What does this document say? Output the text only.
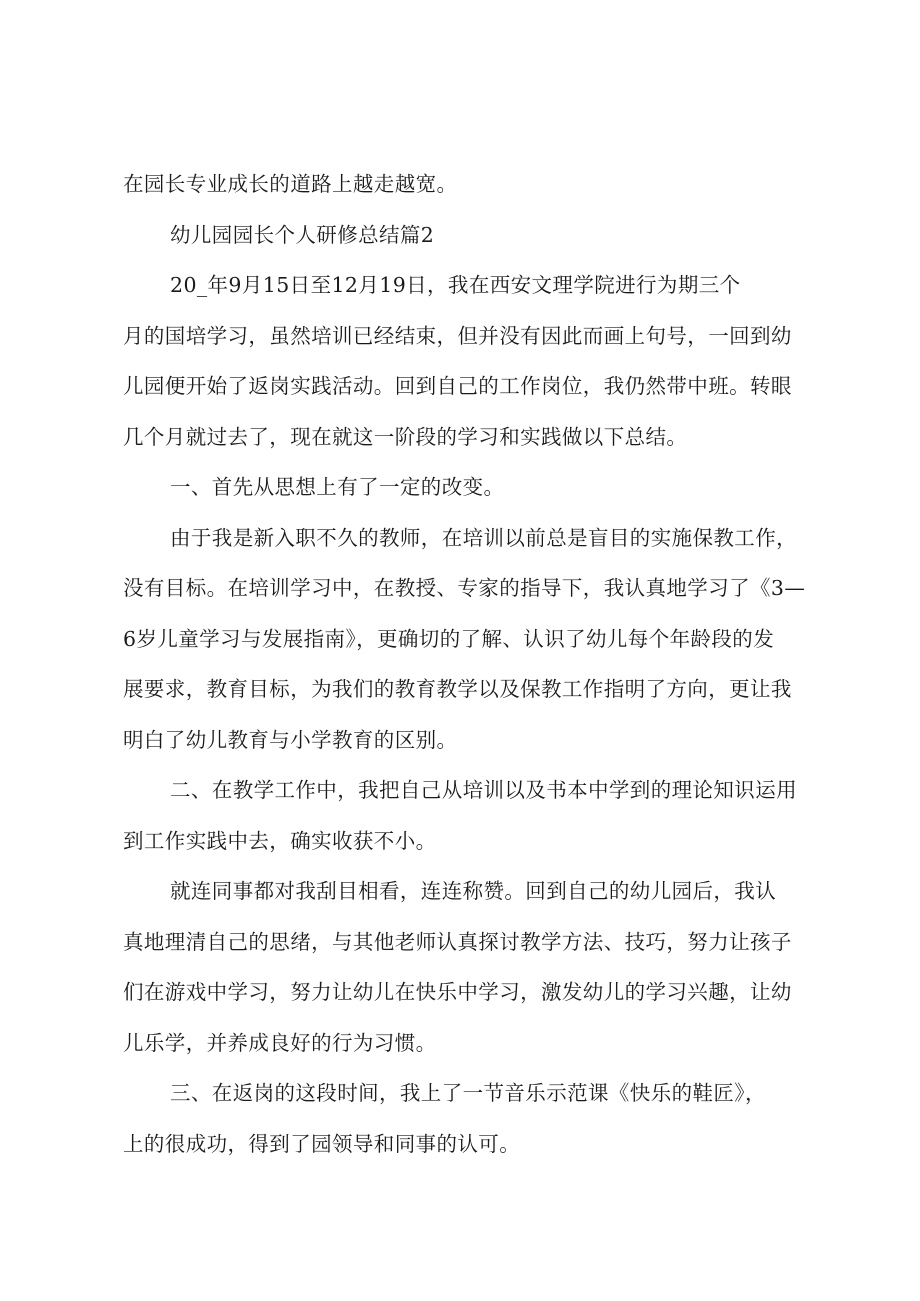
在园长专业成长的道路上越走越宽。

幼儿园园长个人研修总结篇2

20_年9月15日至12月19日，我在西安文理学院进行为期三个

月的国培学习，虽然培训已经结束，但并没有因此而画上句号，一回到幼

儿园便开始了返岗实践活动。回到自己的工作岗位，我仍然带中班。转眼

几个月就过去了，现在就这一阶段的学习和实践做以下总结。

一、首先从思想上有了一定的改变。

由于我是新入职不久的教师，在培训以前总是盲目的实施保教工作，

没有目标。在培训学习中，在教授、专家的指导下，我认真地学习了《3—

6岁儿童学习与发展指南》，更确切的了解、认识了幼儿每个年龄段的发

展要求，教育目标，为我们的教育教学以及保教工作指明了方向，更让我

明白了幼儿教育与小学教育的区别。

二、在教学工作中，我把自己从培训以及书本中学到的理论知识运用

到工作实践中去，确实收获不小。

就连同事都对我刮目相看，连连称赞。回到自己的幼儿园后，我认

真地理清自己的思绪，与其他老师认真探讨教学方法、技巧，努力让孩子

们在游戏中学习，努力让幼儿在快乐中学习，激发幼儿的学习兴趣，让幼

儿乐学，并养成良好的行为习惯。

三、在返岗的这段时间，我上了一节音乐示范课《快乐的鞋匠》，

上的很成功，得到了园领导和同事的认可。
